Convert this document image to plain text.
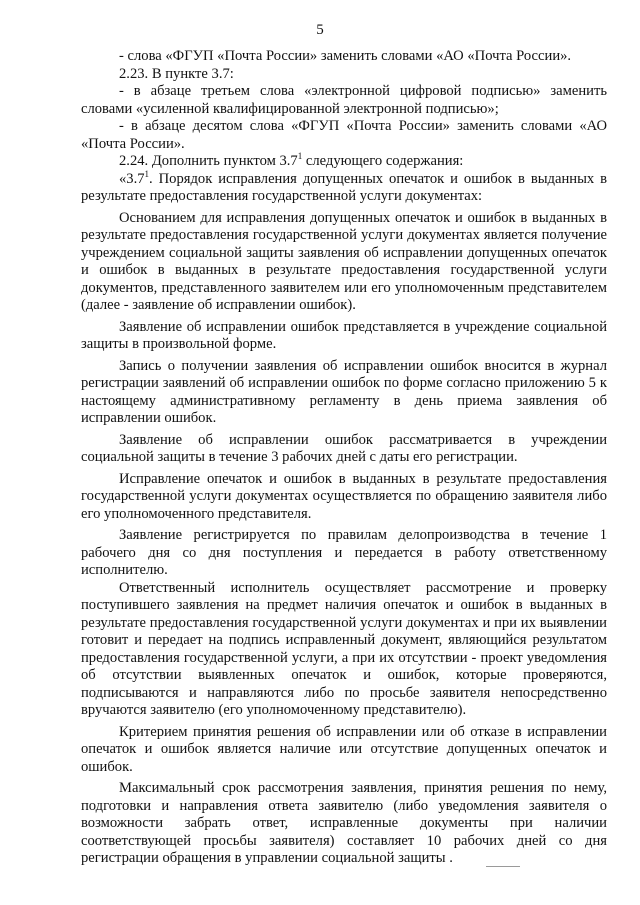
5

- слова «ФГУП «Почта России» заменить словами «АО «Почта России».

2.23. В пункте 3.7:

- в абзаце третьем слова «электронной цифровой подписью» заменить словами «усиленной квалифицированной электронной подписью»;

- в абзаце десятом слова «ФГУП «Почта России» заменить словами «АО «Почта России».

2.24. Дополнить пунктом $3.7^1$ следующего содержания:

«$3.7^1$. Порядок исправления допущенных опечаток и ошибок в выданных в результате предоставления государственной услуги документах:

Основанием для исправления допущенных опечаток и ошибок в выданных в результате предоставления государственной услуги документах является получение учреждением социальной защиты заявления об исправлении допущенных опечаток и ошибок в выданных в результате предоставления государственной услуги документов, представленного заявителем или его уполномоченным представителем (далее - заявление об исправлении ошибок).

Заявление об исправлении ошибок представляется в учреждение социальной защиты в произвольной форме.

Запись о получении заявления об исправлении ошибок вносится в журнал регистрации заявлений об исправлении ошибок по форме согласно приложению 5 к настоящему административному регламенту в день приема заявления об исправлении ошибок.

Заявление об исправлении ошибок рассматривается в учреждении социальной защиты в течение 3 рабочих дней с даты его регистрации.

Исправление опечаток и ошибок в выданных в результате предоставления государственной услуги документах осуществляется по обращению заявителя либо его уполномоченного представителя.

Заявление регистрируется по правилам делопроизводства в течение 1 рабочего дня со дня поступления и передается в работу ответственному исполнителю.

Ответственный исполнитель осуществляет рассмотрение и проверку поступившего заявления на предмет наличия опечаток и ошибок в выданных в результате предоставления государственной услуги документах и при их выявлении готовит и передает на подпись исправленный документ, являющийся результатом предоставления государственной услуги, а при их отсутствии - проект уведомления об отсутствии выявленных опечаток и ошибок, которые проверяются, подписываются и направляются либо по просьбе заявителя непосредственно вручаются заявителю (его уполномоченному представителю).

Критерием принятия решения об исправлении или об отказе в исправлении опечаток и ошибок является наличие или отсутствие допущенных опечаток и ошибок.

Максимальный срок рассмотрения заявления, принятия решения по нему, подготовки и направления ответа заявителю (либо уведомления заявителя о возможности забрать ответ, исправленные документы при наличии соответствующей просьбы заявителя) составляет 10 рабочих дней со дня регистрации обращения в управлении социальной защиты .
